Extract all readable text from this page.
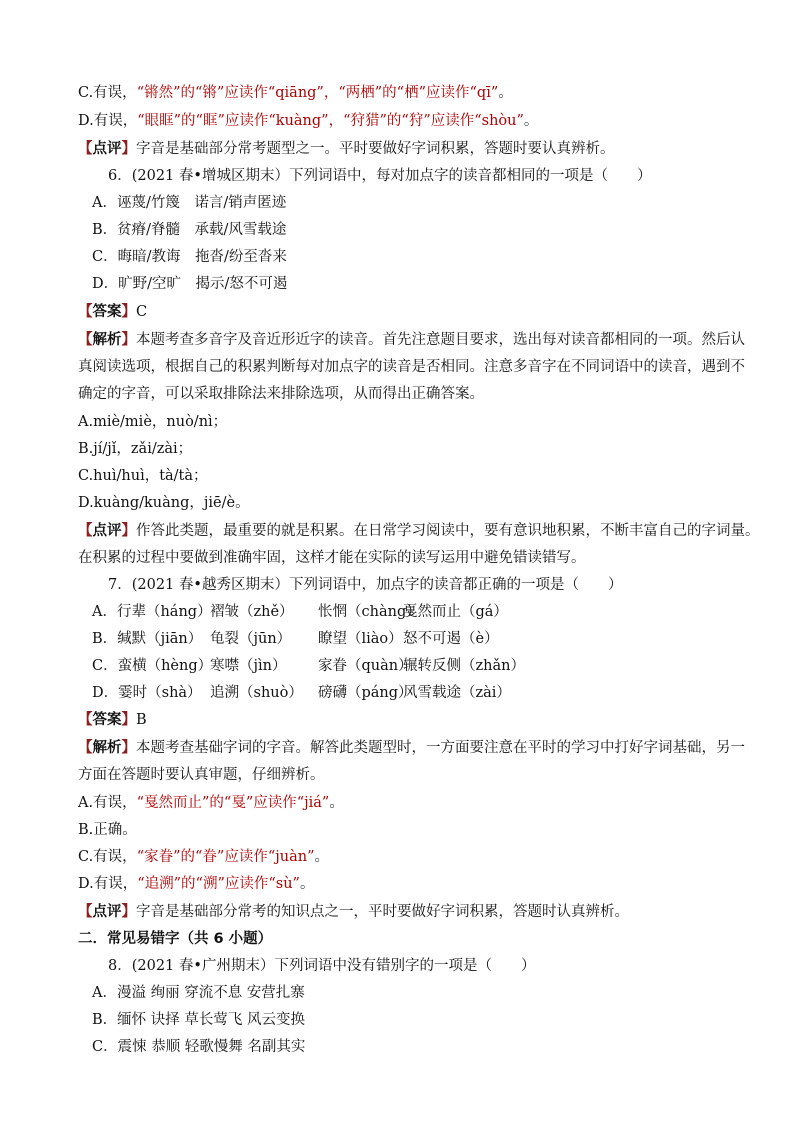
C.有误，“锵然”的“锵”应读作“qiāng”，“两栖”的“栖”应读作“qī”。
D.有误，“眼眶”的“眶”应读作“kuàng”，“狩猎”的“狩”应读作“shòu”。
【点评】字音是基础部分常考题型之一。平时要做好字词积累，答题时要认真辨析。
6．(2021 春•增城区期末）下列词语中，每对加点字的读音都相同的一项是（　　）
A．诬蔑/竹篾　诺言/销声匿迹
B．贫瘠/脊髓　承载/风雪载途
C．晦暗/教诲　拖沓/纷至沓来
D．旷野/空旷　揭示/怒不可遏
【答案】C
【解析】本题考查多音字及音近形近字的读音。首先注意题目要求，选出每对读音都相同的一项。然后认
真阅读选项，根据自己的积累判断每对加点字的读音是否相同。注意多音字在不同词语中的读音，遇到不
确定的字音，可以采取排除法来排除选项，从而得出正确答案。
A.miè/miè，nuò/nì；
B.jí/jǐ，zǎi/zài；
C.huì/huì，tà/tà；
D.kuàng/kuàng，jiē/è。
【点评】作答此类题，最重要的就是积累。在日常学习阅读中，要有意识地积累，不断丰富自己的字词量。
在积累的过程中要做到准确牢固，这样才能在实际的读写运用中避免错读错写。
7．(2021 春•越秀区期末）下列词语中，加点字的读音都正确的一项是（　　）
【答案】B
【解析】本题考查基础字词的字音。解答此类题型时，一方面要注意在平时的学习中打好字词基础，另一
方面在答题时要认真审题，仔细辨析。
A.有误，“戛然而止”的“戛”应读作“jiá”。
B.正确。
C.有误，“家眷”的“眷”应读作“juàn”。
D.有误，“追溯”的“溯”应读作“sù”。
【点评】字音是基础部分常考的知识点之一，平时要做好字词积累，答题时认真辨析。
二．常见易错字（共 6 小题）
8．(2021 春•广州期末）下列词语中没有错别字的一项是（　　）
A．漫溢 绚丽 穿流不息 安营扎寨
B．缅怀 诀择 草长莺飞 风云变换
C．震悚 恭顺 轻歌慢舞 名副其实
A．行辈（háng）
褶皱（zhě） 怅惘（chàng）
戛然而止（gá）
B．缄默（jiān） 龟裂（jūn） 瞭望（liào） 怒不可遏（è）
C．蛮横（hèng）
寒噤（jìn） 家眷（quàn）
辗转反侧（zhǎn）
D．霎时（shà） 追溯（shuò） 磅礴（páng）
风雪载途（zài）
